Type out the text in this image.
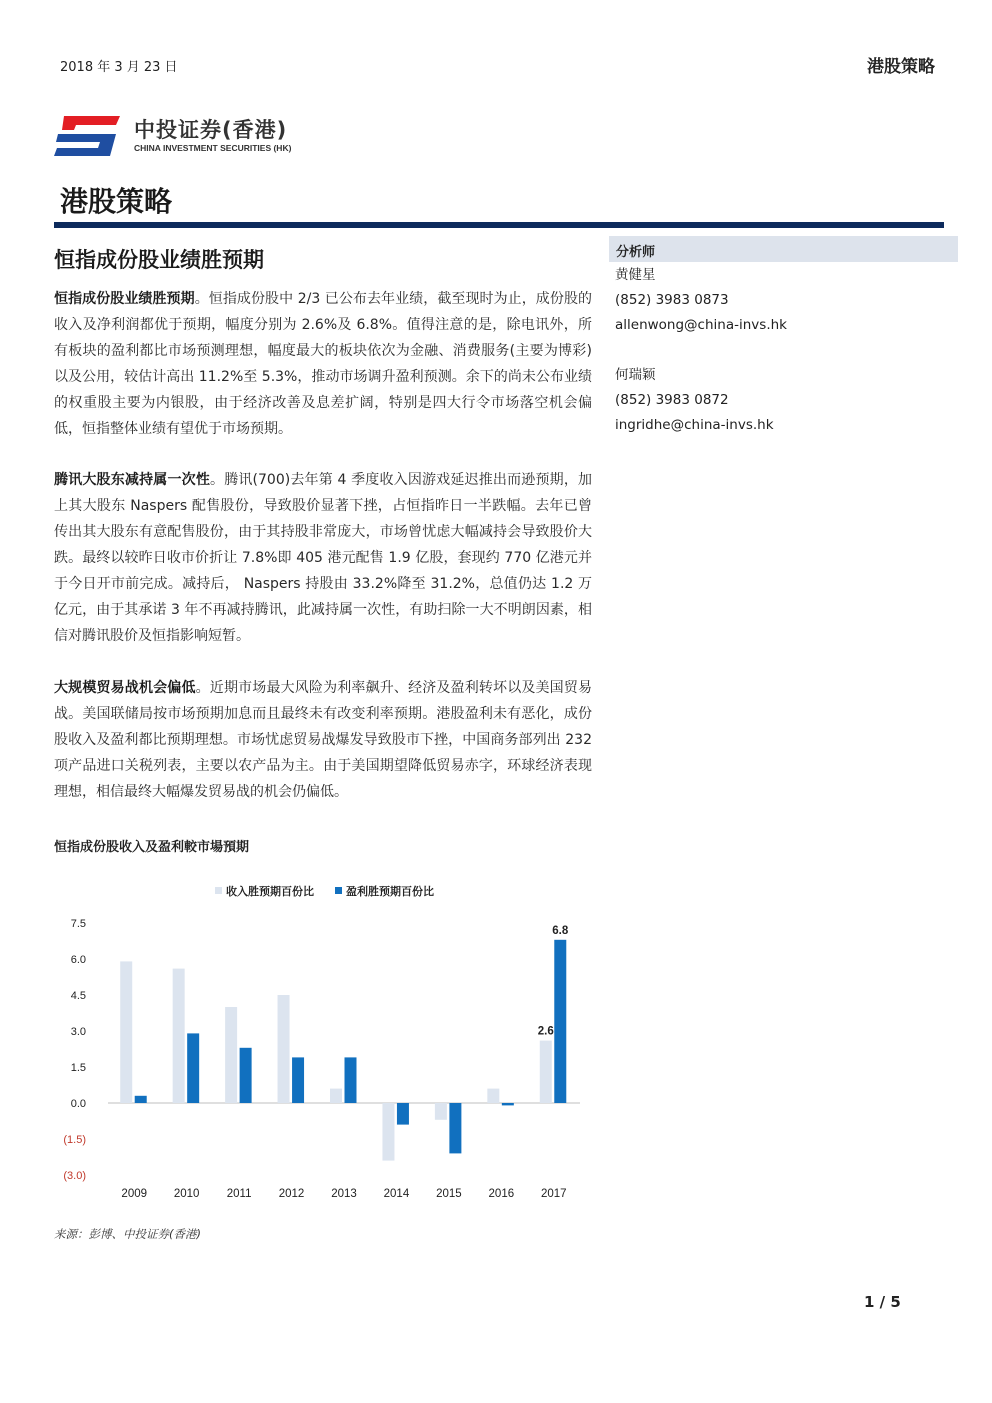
2018 年 3 月 23 日	港股策略
中投证券(香港)
CHINA INVESTMENT SECURITIES (HK)
港股策略
恒指成份股业绩胜预期
恒指成份股业绩胜预期。恒指成份股中 2/3 已公布去年业绩，截至现时为止，成份股的收入及净利润都优于预期，幅度分别为 2.6%及 6.8%。值得注意的是，除电讯外，所有板块的盈利都比市场预测理想，幅度最大的板块依次为金融、消费服务(主要为博彩)以及公用，较估计高出 11.2%至 5.3%，推动市场调升盈利预测。余下的尚未公布业绩的权重股主要为内银股，由于经济改善及息差扩阔，特别是四大行令市场落空机会偏低，恒指整体业绩有望优于市场预期。
腾讯大股东减持属一次性。腾讯(700)去年第 4 季度收入因游戏延迟推出而逊预期，加上其大股东 Naspers 配售股份，导致股价显著下挫，占恒指昨日一半跌幅。去年已曾传出其大股东有意配售股份，由于其持股非常庞大，市场曾忧虑大幅减持会导致股价大跌。最终以较昨日收市价折让 7.8%即 405 港元配售 1.9 亿股，套现约 770 亿港元并于今日开市前完成。减持后， Naspers 持股由 33.2%降至 31.2%，总值仍达 1.2 万亿元，由于其承诺 3 年不再减持腾讯，此减持属一次性，有助扫除一大不明朗因素，相信对腾讯股价及恒指影响短暂。
大规模贸易战机会偏低。近期市场最大风险为利率飙升、经济及盈利转坏以及美国贸易战。美国联储局按市场预期加息而且最终未有改变利率预期。港股盈利未有恶化，成份股收入及盈利都比预期理想。市场忧虑贸易战爆发导致股市下挫，中国商务部列出 232 项产品进口关税列表，主要以农产品为主。由于美国期望降低贸易赤字，环球经济表现理想，相信最终大幅爆发贸易战的机会仍偏低。
分析师
黄健星
(852) 3983 0873
allenwong@china-invs.hk
何瑞颖
(852) 3983 0872
ingridhe@china-invs.hk
恒指成份股收入及盈利較市場預期
收入胜预期百份比	盈利胜预期百份比
7.5
6.0
4.5
3.0
1.5
0.0
(1.5)
(3.0)
2009 2010 2011 2012 2013 2014 2015 2016 2017
2.6
6.8
来源：彭博、中投证券(香港)
1 / 5
